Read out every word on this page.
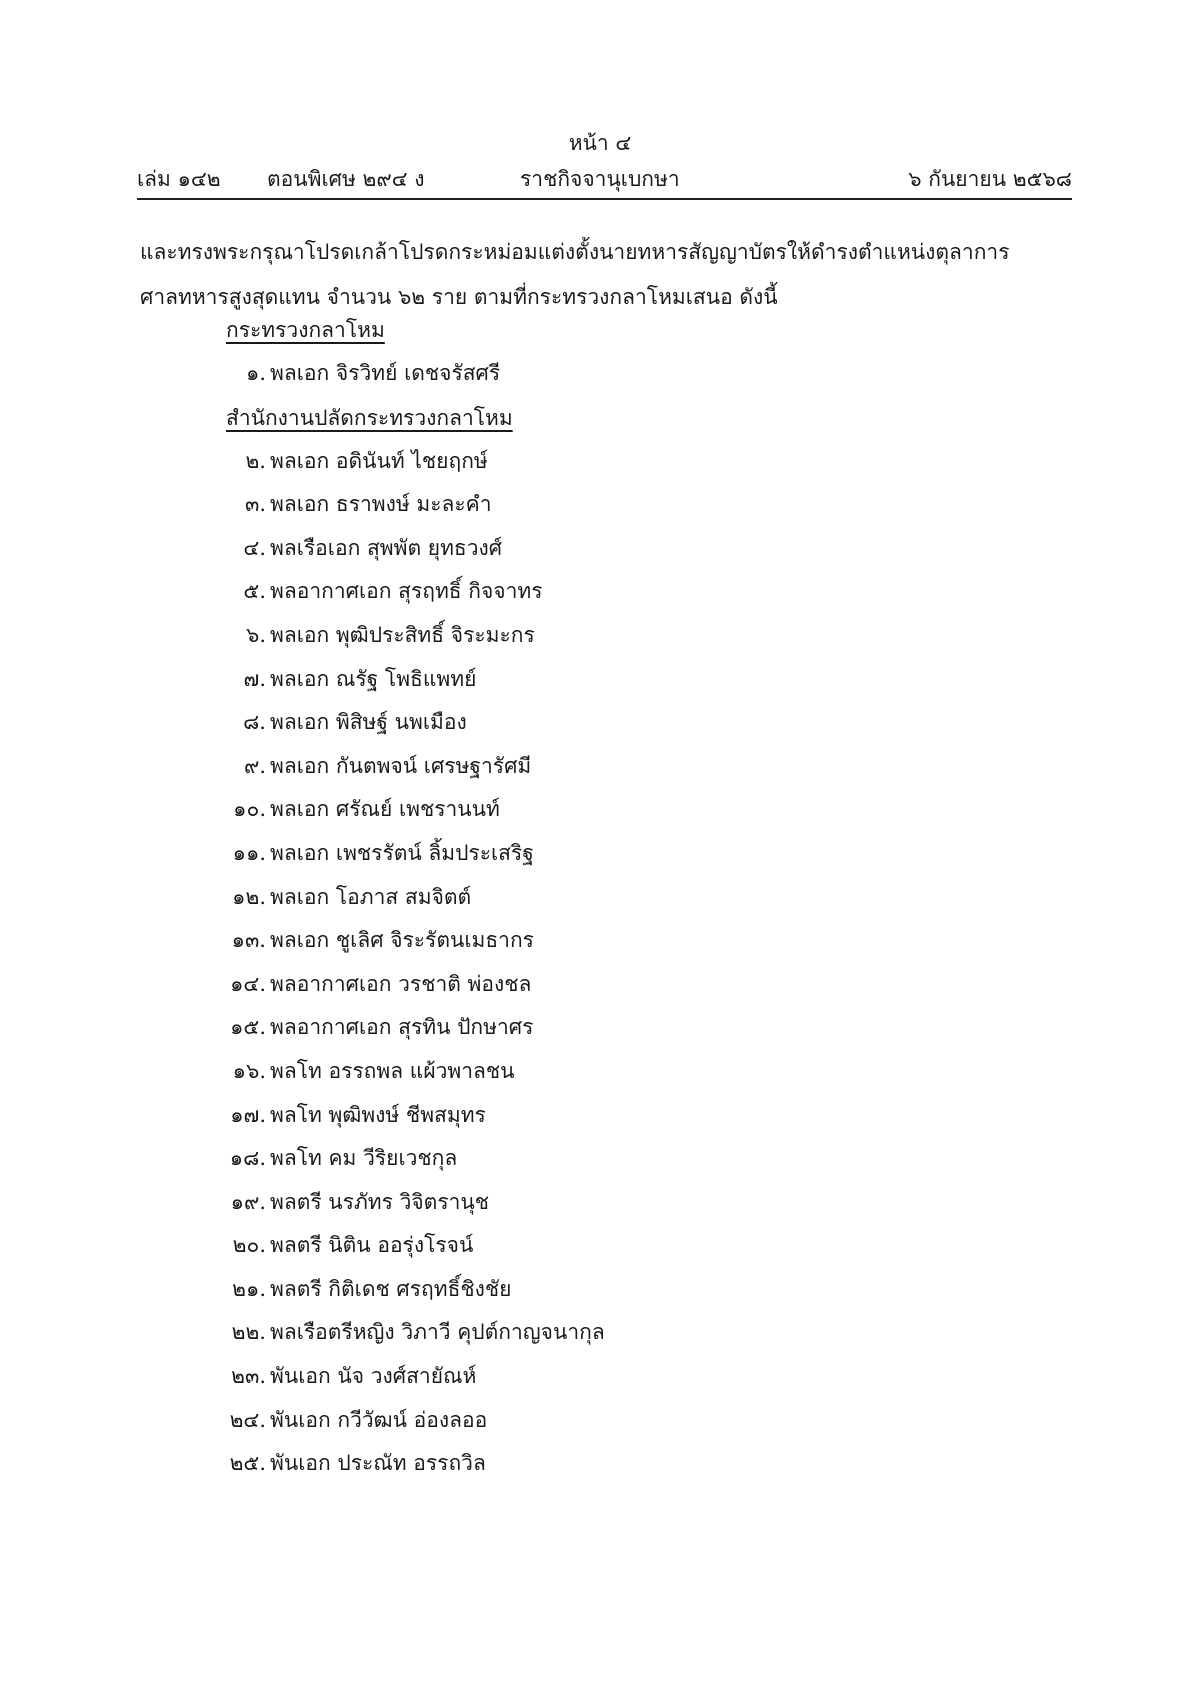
หน้า ๔
เล่ม ๑๔๒ ตอนพิเศษ ๒๙๔ ง	ราชกิจจานุเบกษา	๖ กันยายน ๒๕๖๘
และทรงพระกรุณาโปรดเกล้าโปรดกระหม่อมแต่งตั้งนายทหารสัญญาบัตรให้ดำรงตำแหน่งตุลาการ
ศาลทหารสูงสุดแทน จำนวน ๖๒ ราย ตามที่กระทรวงกลาโหมเสนอ ดังนี้
กระทรวงกลาโหม
๑. พลเอก จิรวิทย์ เดชจรัสศรี
สำนักงานปลัดกระทรวงกลาโหม
๒. พลเอก อดินันท์ ไชยฤกษ์
๓. พลเอก ธราพงษ์ มะละคำ
๔. พลเรือเอก สุพพัต ยุทธวงศ์
๕. พลอากาศเอก สุรฤทธิ์ กิจจาทร
๖. พลเอก พุฒิประสิทธิ์ จิระมะกร
๗. พลเอก ณรัฐ โพธิแพทย์
๘. พลเอก พิสิษฐ์ นพเมือง
๙. พลเอก กันตพจน์ เศรษฐารัศมี
๑๐. พลเอก ศรัณย์ เพชรานนท์
๑๑. พลเอก เพชรรัตน์ ลิ้มประเสริฐ
๑๒. พลเอก โอภาส สมจิตต์
๑๓. พลเอก ชูเลิศ จิระรัตนเมธากร
๑๔. พลอากาศเอก วรชาติ พ่องชล
๑๕. พลอากาศเอก สุรทิน ปักษาศร
๑๖. พลโท อรรถพล แผ้วพาลชน
๑๗. พลโท พุฒิพงษ์ ชีพสมุทร
๑๘. พลโท คม วีริยเวชกุล
๑๙. พลตรี นรภัทร วิจิตรานุช
๒๐. พลตรี นิติน ออรุ่งโรจน์
๒๑. พลตรี กิติเดช ศรฤทธิ์ชิงชัย
๒๒. พลเรือตรีหญิง วิภาวี คุปต์กาญจนากุล
๒๓. พันเอก นัจ วงศ์สายัณห์
๒๔. พันเอก กวีวัฒน์ อ่องลออ
๒๕. พันเอก ประณัท อรรถวิล
